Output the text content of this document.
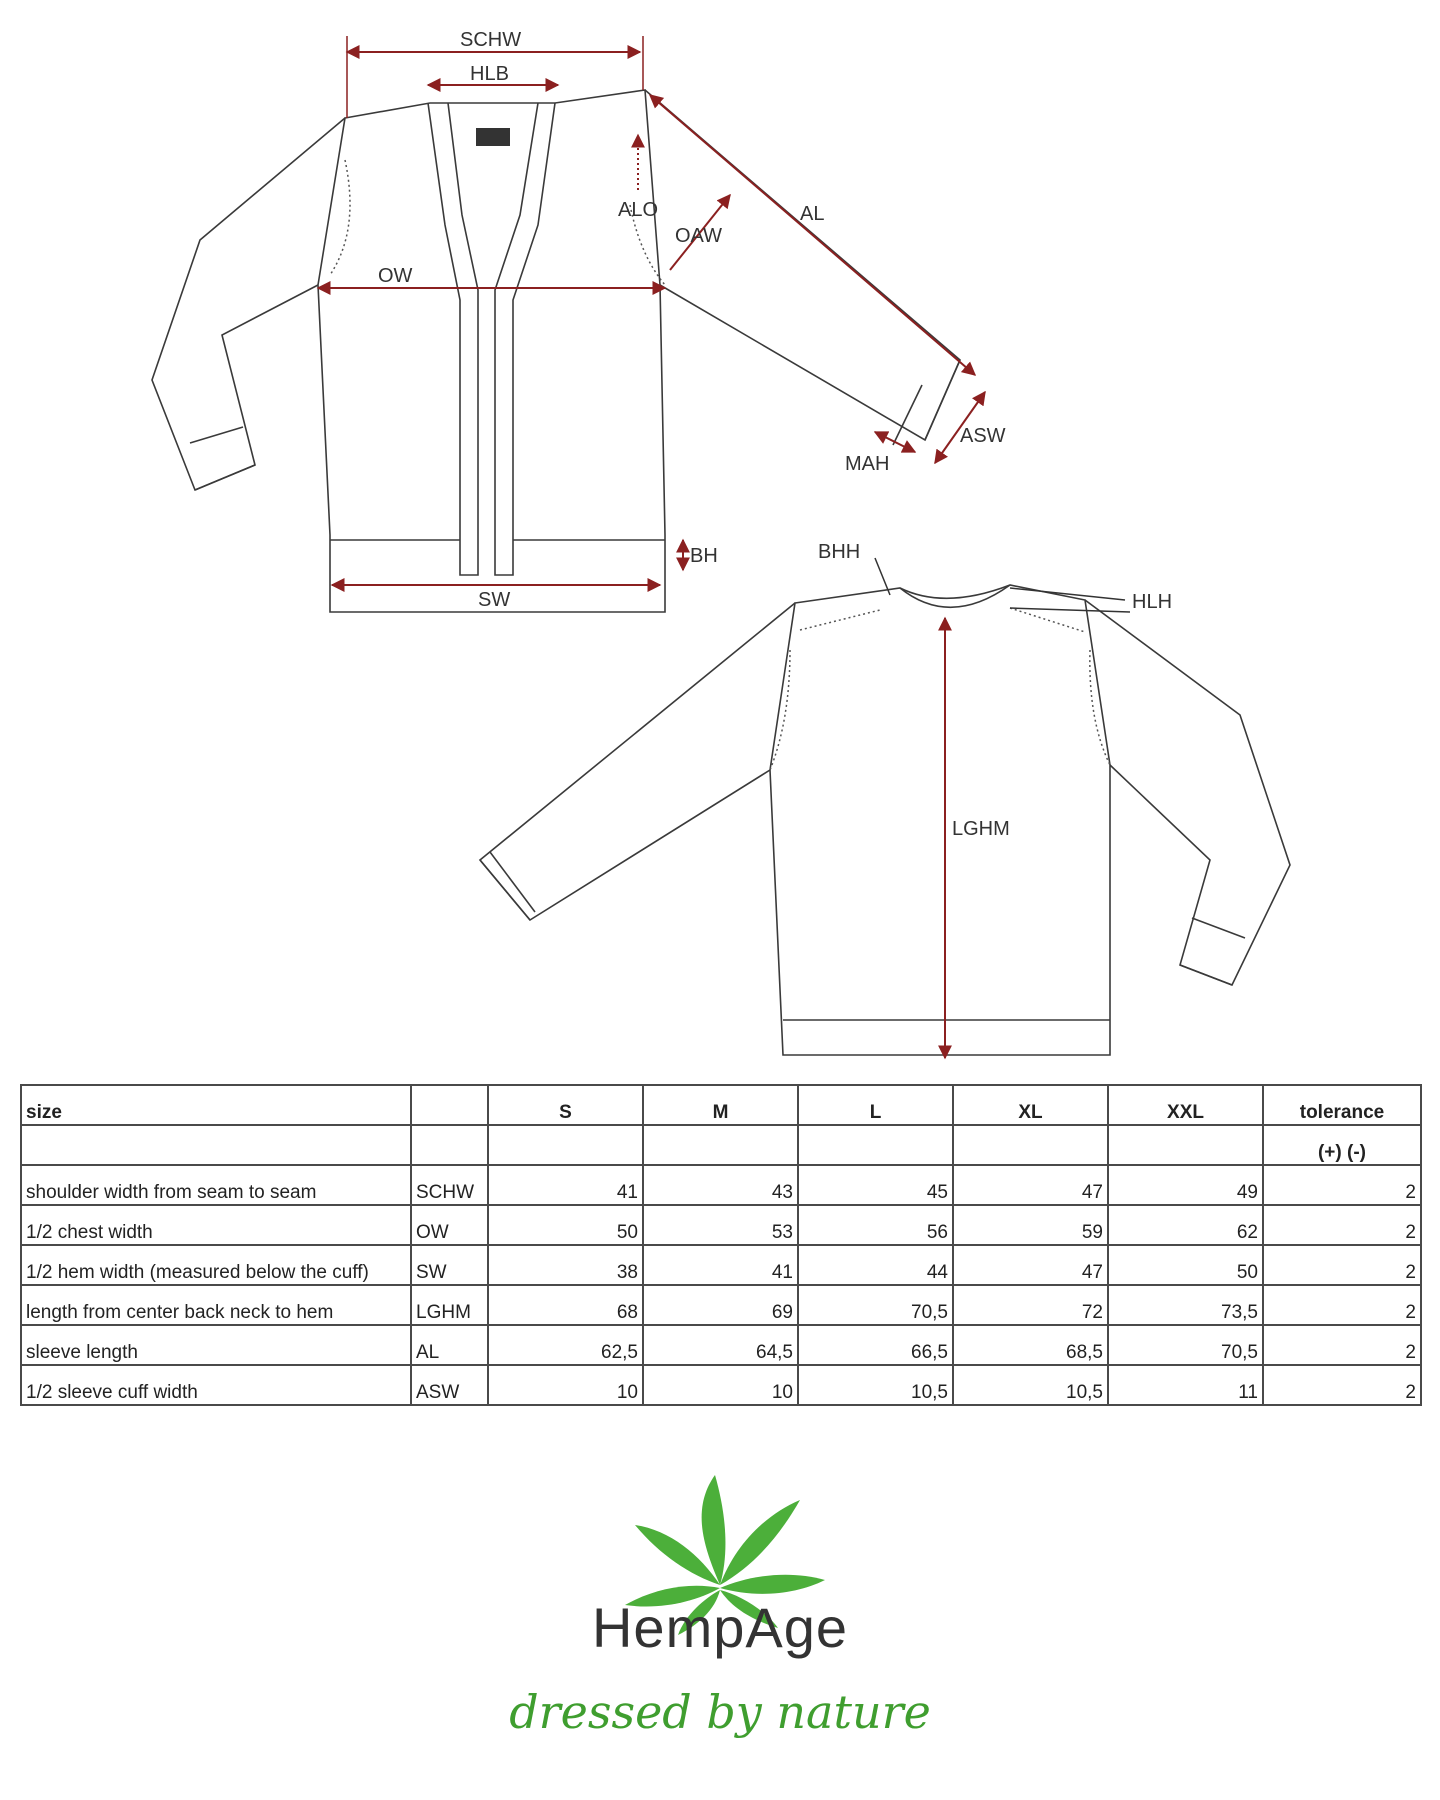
SCHW
HLB
ALO
OAW
AL
OW
ASW
MAH
BH
SW
BHH
HLH
LGHM
size		S	M	L	XL	XXL	tolerance
							(+) (-)
shoulder width from seam to seam	SCHW	41	43	45	47	49	2
1/2 chest width	OW	50	53	56	59	62	2
1/2 hem width (measured below the cuff)	SW	38	41	44	47	50	2
length from center back neck to hem	LGHM	68	69	70,5	72	73,5	2
sleeve length	AL	62,5	64,5	66,5	68,5	70,5	2
1/2 sleeve cuff width	ASW	10	10	10,5	10,5	11	2
HempAge
dressed by nature
